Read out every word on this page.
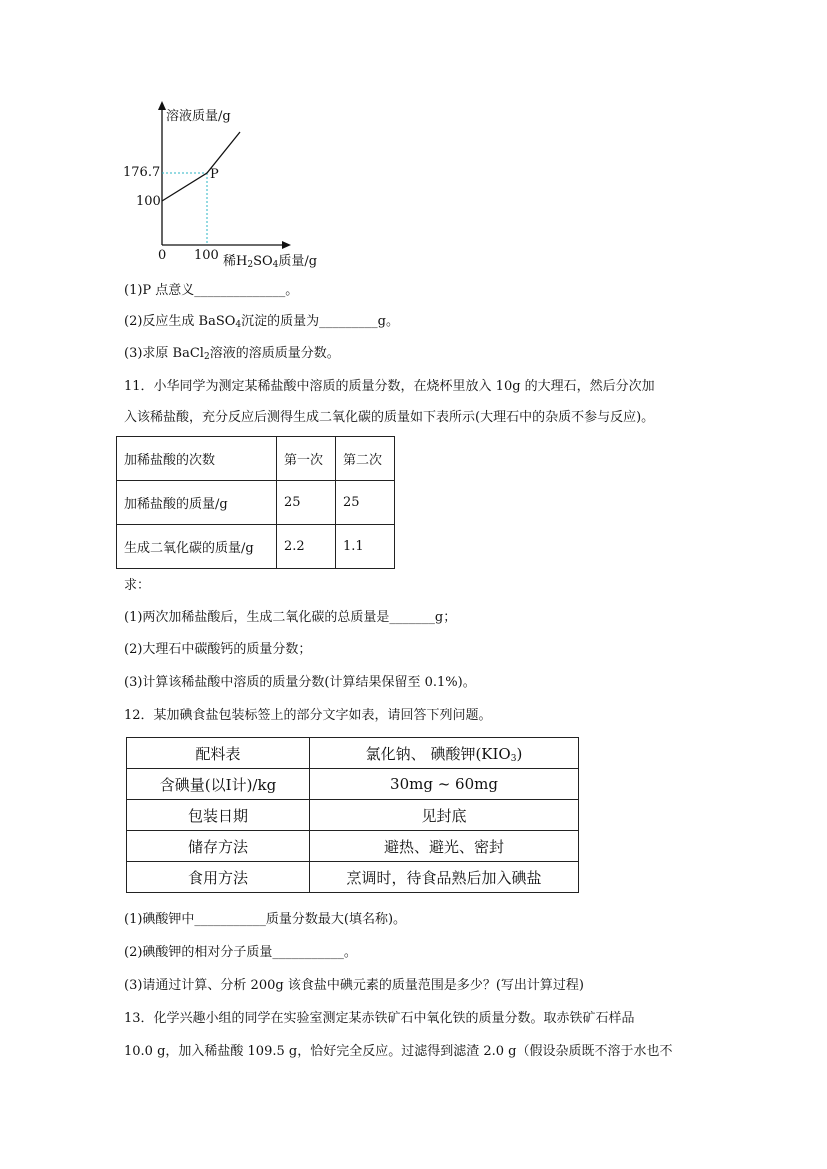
溶液质量/g
176.7
100
P
0 100 稀$H_2SO_4$质量/g
(1)P 点意义______________。
(2)反应生成 BaSO$_4$沉淀的质量为_________g。
(3)求原 BaCl$_2$溶液的溶质质量分数。
11．小华同学为测定某稀盐酸中溶质的质量分数，在烧杯里放入 10g 的大理石，然后分次加
入该稀盐酸，充分反应后测得生成二氧化碳的质量如下表所示(大理石中的杂质不参与反应)。
加稀盐酸的次数	第一次	第二次
加稀盐酸的质量/g	25	25
生成二氧化碳的质量/g	2.2	1.1
求：
(1)两次加稀盐酸后，生成二氧化碳的总质量是_______g；
(2)大理石中碳酸钙的质量分数；
(3)计算该稀盐酸中溶质的质量分数(计算结果保留至 0.1%)。
12．某加碘食盐包装标签上的部分文字如表，请回答下列问题。
配料表	氯化钠、 碘酸钾$(KIO_3)$
含碘量(以I计)/kg	30mg ~ 60mg
包装日期	见封底
储存方法	避热、避光、密封
食用方法	烹调时，待食品熟后加入碘盐
(1)碘酸钾中___________质量分数最大(填名称)。
(2)碘酸钾的相对分子质量___________。
(3)请通过计算、分析 200g 该食盐中碘元素的质量范围是多少？(写出计算过程)
13．化学兴趣小组的同学在实验室测定某赤铁矿石中氧化铁的质量分数。取赤铁矿石样品
10.0 g，加入稀盐酸 109.5 g，恰好完全反应。过滤得到滤渣 2.0 g（假设杂质既不溶于水也不
